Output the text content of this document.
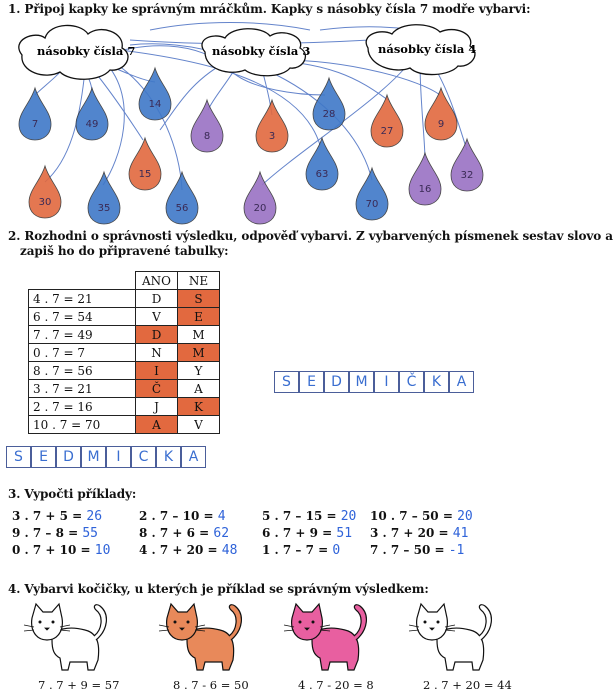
1. Připoj kapky ke správným mráčkům. Kapky s násobky čísla 7 modře vybarvi:
násobky čísla 7	násobky čísla 3	násobky čísla 4
7	49
14
8	3
28
27
9
15	63
30
35	56	20	70
16
32
2. Rozhodni o správnosti výsledku, odpověď vybarvi. Z vybarvených písmenek sestav slovo a
zapiš ho do připravené tabulky:
	ANO	NE
4 . 7 = 21	D	S
6 . 7 = 54	V	E
7 . 7 = 49	D	M
0 . 7 = 7	N	M
8 . 7 = 56	I	Y
3 . 7 = 21	Č	A
2 . 7 = 16	J	K
10 . 7 = 70	A	V
S	E	D M	I	C	K	A
S	E	D M	I	Č	K	A
3. Vypočti příklady:
3 . 7 + 5 = 26
9 . 7 – 8 = 55
0 . 7 + 10 = 10
2 . 7 – 10 = 4
8 . 7 + 6 = 62
4 . 7 + 20 = 48
5 . 7 – 15 = 20
6 . 7 + 9 = 51
1 . 7 – 7 = 0
10 . 7 – 50 = 20
3 . 7 + 20 = 41
7 . 7 – 50 = -1
4. Vybarvi kočičky, u kterých je příklad se správným výsledkem:
7 . 7 + 9 = 57	8 . 7 - 6 = 50	4 . 7 - 20 = 8	2 . 7 + 20 = 44
